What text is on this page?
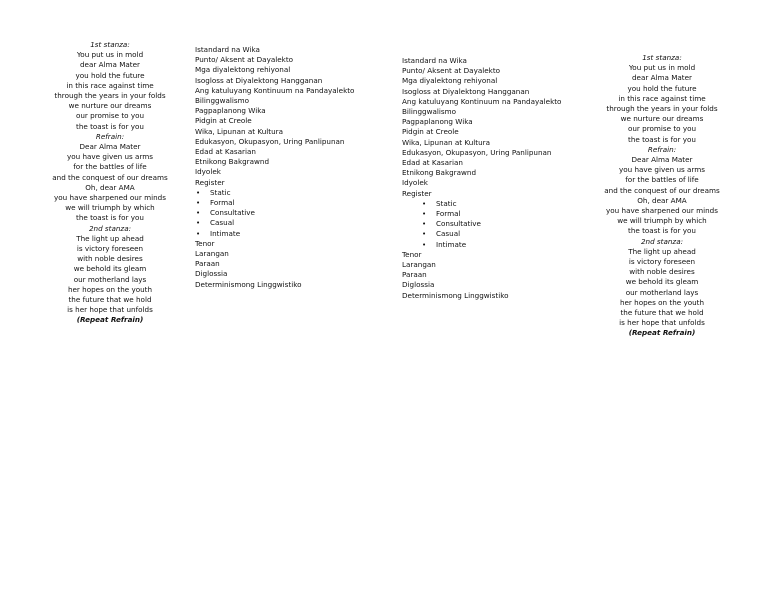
1st stanza:
You put us in mold
dear Alma Mater
you hold the future
in this race against time
through the years in your folds
we nurture our dreams
our promise to you
the toast is for you
Refrain:
Dear Alma Mater
you have given us arms
for the battles of life
and the conquest of our dreams
Oh, dear AMA
you have sharpened our minds
we will triumph by which
the toast is for you
2nd stanza:
The light up ahead
is victory foreseen
with noble desires
we behold its gleam
our motherland lays
her hopes on the youth
the future that we hold
is her hope that unfolds
(Repeat Refrain)
Istandard na Wika
Punto/ Aksent at Dayalekto
Mga diyalektong rehiyonal
Isogloss at Diyalektong Hangganan
Ang katuluyang Kontinuum na Pandayalekto
Bilinggwalismo
Pagpaplanong Wika
Pidgin at Creole
Wika, Lipunan at Kultura
Edukasyon, Okupasyon, Uring Panlipunan
Edad at Kasarian
Etnikong Bakgrawnd
Idyolek
Register
• Static
• Formal
• Consultative
• Casual
• Intimate
Tenor
Larangan
Paraan
Diglossia
Determinismong Linggwistiko
Istandard na Wika
Punto/ Aksent at Dayalekto
Mga diyalektong rehiyonal
Isogloss at Diyalektong Hangganan
Ang katuluyang Kontinuum na Pandayalekto
Bilinggwalismo
Pagpaplanong Wika
Pidgin at Creole
Wika, Lipunan at Kultura
Edukasyon, Okupasyon, Uring Panlipunan
Edad at Kasarian
Etnikong Bakgrawnd
Idyolek
Register
• Static
• Formal
• Consultative
• Casual
• Intimate
Tenor
Larangan
Paraan
Diglossia
Determinismong Linggwistiko
1st stanza:
You put us in mold
dear Alma Mater
you hold the future
in this race against time
through the years in your folds
we nurture our dreams
our promise to you
the toast is for you
Refrain:
Dear Alma Mater
you have given us arms
for the battles of life
and the conquest of our dreams
Oh, dear AMA
you have sharpened our minds
we will triumph by which
the toast is for you
2nd stanza:
The light up ahead
is victory foreseen
with noble desires
we behold its gleam
our motherland lays
her hopes on the youth
the future that we hold
is her hope that unfolds
(Repeat Refrain)
